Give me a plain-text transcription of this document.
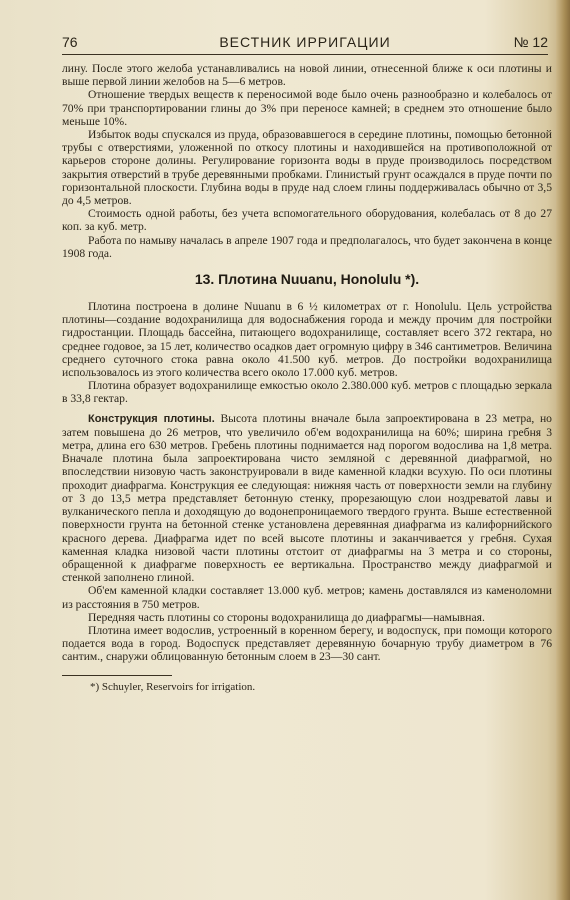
76	ВЕСТНИК ИРРИГАЦИИ	№ 12

лину. После этого желоба устанавливались на новой линии, отнесенной ближе к оси плотины и выше первой линии желобов на 5—6 метров.

Отношение твердых веществ к переносимой воде было очень разнообразно и колебалось от 70% при транспортировании глины до 3% при переносе камней; в среднем это отношение было меньше 10%.

Избыток воды спускался из пруда, образовавшегося в середине плотины, помощью бетонной трубы с отверстиями, уложенной по откосу плотины и находившейся на противоположной от карьеров стороне долины. Регулирование горизонта воды в пруде производилось посредством закрытия отверстий в трубе деревянными пробками. Глинистый грунт осаждался в пруде почти по горизонтальной плоскости. Глубина воды в пруде над слоем глины поддерживалась обычно от 3,5 до 4,5 метров.

Стоимость одной работы, без учета вспомогательного оборудования, колебалась от 8 до 27 коп. за куб. метр.

Работа по намыву началась в апреле 1907 года и предполагалось, что будет закончена в конце 1908 года.

13. Плотина Nuuanu, Honolulu *).

Плотина построена в долине Nuuanu в 6 ½ километрах от г. Honolulu. Цель устройства плотины—создание водохранилища для водоснабжения города и между прочим для постройки гидростанции. Площадь бассейна, питающего водохранилище, составляет всего 372 гектара, но среднее годовое, за 15 лет, количество осадков дает огромную цифру в 346 сантиметров. Величина среднего суточного стока равна около 41.500 куб. метров. До постройки водохранилища использовалось из этого количества всего около 17.000 куб. метров.

Плотина образует водохранилище емкостью около 2.380.000 куб. метров с площадью зеркала в 33,8 гектар.

Конструкция плотины. Высота плотины вначале была запроектирована в 23 метра, но затем повышена до 26 метров, что увеличило об'ем водохранилища на 60%; ширина гребня 3 метра, длина его 630 метров. Гребень плотины поднимается над порогом водослива на 1,8 метра. Вначале плотина была запроектирована чисто земляной с деревянной диафрагмой, но впоследствии низовую часть законструировали в виде каменной кладки всухую. По оси плотины проходит диафрагма. Конструкция ее следующая: нижняя часть от поверхности земли на глубину от 3 до 13,5 метра представляет бетонную стенку, прорезающую слои ноздреватой лавы и вулканического пепла и доходящую до водонепроницаемого твердого грунта. Выше естественной поверхности грунта на бетонной стенке установлена деревянная диафрагма из калифорнийского красного дерева. Диафрагма идет по всей высоте плотины и заканчивается у гребня. Сухая каменная кладка низовой части плотины отстоит от диафрагмы на 3 метра и со стороны, обращенной к диафрагме поверхность ее вертикальна. Пространство между диафрагмой и стенкой заполнено глиной.

Об'ем каменной кладки составляет 13.000 куб. метров; камень доставлялся из каменоломни из расстояния в 750 метров.

Передняя часть плотины со стороны водохранилища до диафрагмы—намывная.

Плотина имеет водослив, устроенный в коренном берегу, и водоспуск, при помощи которого подается вода в город. Водоспуск представляет деревянную бочарную трубу диаметром в 76 сантим., снаружи облицованную бетонным слоем в 23—30 сант.

*) Schuyler, Reservoirs for irrigation.
